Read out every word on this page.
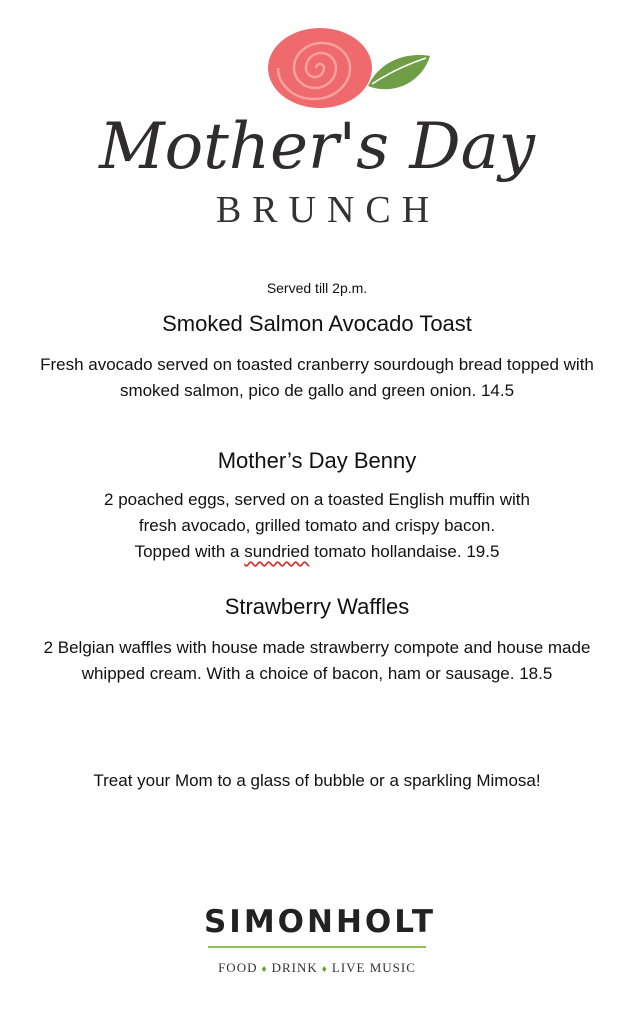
Mother's Day
BRUNCH
Served till 2p.m.
Smoked Salmon Avocado Toast
Fresh avocado served on toasted cranberry sourdough bread topped with
smoked salmon, pico de gallo and green onion. 14.5
Mother’s Day Benny
2 poached eggs, served on a toasted English muffin with
fresh avocado, grilled tomato and crispy bacon.
Topped with a sundried tomato hollandaise. 19.5
Strawberry Waffles
2 Belgian waffles with house made strawberry compote and house made
whipped cream. With a choice of bacon, ham or sausage. 18.5
Treat your Mom to a glass of bubble or a sparkling Mimosa!
SIMONHOLT
FOOD ♦ DRINK ♦ LIVE MUSIC
